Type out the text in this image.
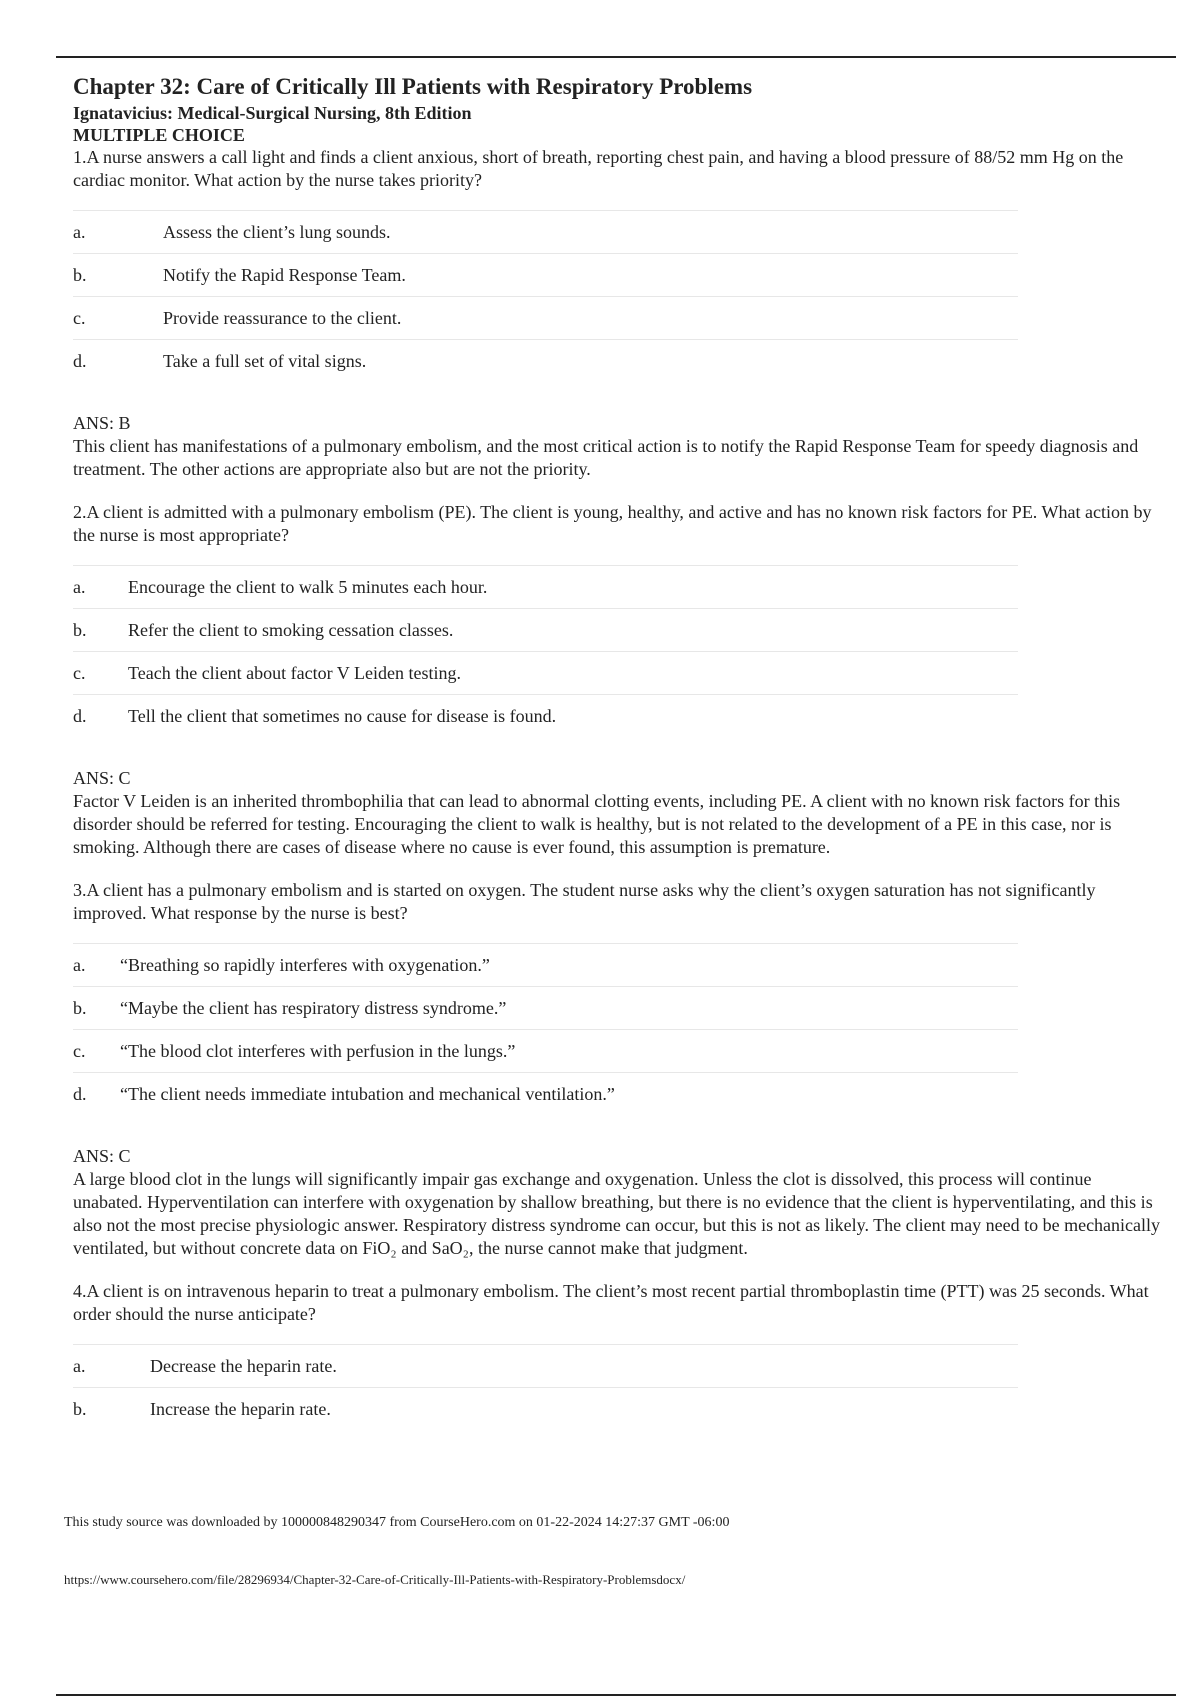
Chapter 32: Care of Critically Ill Patients with Respiratory Problems
Ignatavicius: Medical-Surgical Nursing, 8th Edition
MULTIPLE CHOICE
1.A nurse answers a call light and finds a client anxious, short of breath, reporting chest pain, and having a blood pressure of 88/52 mm Hg on the cardiac monitor. What action by the nurse takes priority?
a.	Assess the client’s lung sounds.
b.	Notify the Rapid Response Team.
c.	Provide reassurance to the client.
d.	Take a full set of vital signs.
ANS: B
This client has manifestations of a pulmonary embolism, and the most critical action is to notify the Rapid Response Team for speedy diagnosis and treatment. The other actions are appropriate also but are not the priority.
2.A client is admitted with a pulmonary embolism (PE). The client is young, healthy, and active and has no known risk factors for PE. What action by the nurse is most appropriate?
a.	Encourage the client to walk 5 minutes each hour.
b.	Refer the client to smoking cessation classes.
c.	Teach the client about factor V Leiden testing.
d.	Tell the client that sometimes no cause for disease is found.
ANS: C
Factor V Leiden is an inherited thrombophilia that can lead to abnormal clotting events, including PE. A client with no known risk factors for this disorder should be referred for testing. Encouraging the client to walk is healthy, but is not related to the development of a PE in this case, nor is smoking. Although there are cases of disease where no cause is ever found, this assumption is premature.
3.A client has a pulmonary embolism and is started on oxygen. The student nurse asks why the client’s oxygen saturation has not significantly improved. What response by the nurse is best?
a.	“Breathing so rapidly interferes with oxygenation.”
b.	“Maybe the client has respiratory distress syndrome.”
c.	“The blood clot interferes with perfusion in the lungs.”
d.	“The client needs immediate intubation and mechanical ventilation.”
ANS: C
A large blood clot in the lungs will significantly impair gas exchange and oxygenation. Unless the clot is dissolved, this process will continue unabated. Hyperventilation can interfere with oxygenation by shallow breathing, but there is no evidence that the client is hyperventilating, and this is also not the most precise physiologic answer. Respiratory distress syndrome can occur, but this is not as likely. The client may need to be mechanically ventilated, but without concrete data on FiO₂ and SaO₂, the nurse cannot make that judgment.
4.A client is on intravenous heparin to treat a pulmonary embolism. The client’s most recent partial thromboplastin time (PTT) was 25 seconds. What order should the nurse anticipate?
a.	Decrease the heparin rate.
b.	Increase the heparin rate.
This study source was downloaded by 100000848290347 from CourseHero.com on 01-22-2024 14:27:37 GMT -06:00
https://www.coursehero.com/file/28296934/Chapter-32-Care-of-Critically-Ill-Patients-with-Respiratory-Problemsdocx/
